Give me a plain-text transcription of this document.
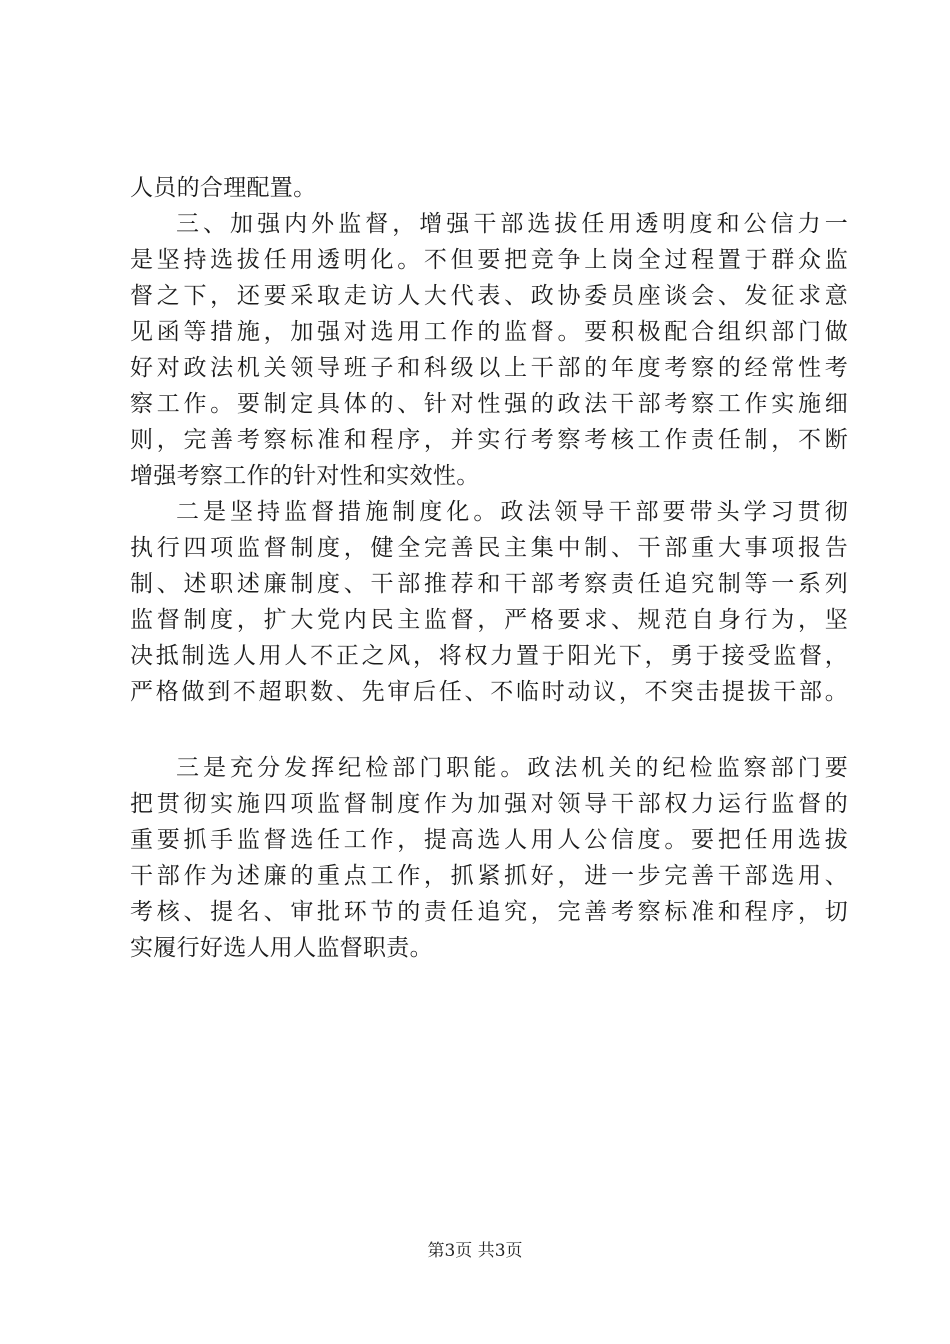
人员的合理配置。
三、加强内外监督，增强干部选拔任用透明度和公信力一
是坚持选拔任用透明化。不但要把竞争上岗全过程置于群众监
督之下，还要采取走访人大代表、政协委员座谈会、发征求意
见函等措施，加强对选用工作的监督。要积极配合组织部门做
好对政法机关领导班子和科级以上干部的年度考察的经常性考
察工作。要制定具体的、针对性强的政法干部考察工作实施细
则，完善考察标准和程序，并实行考察考核工作责任制，不断
增强考察工作的针对性和实效性。
二是坚持监督措施制度化。政法领导干部要带头学习贯彻
执行四项监督制度，健全完善民主集中制、干部重大事项报告
制、述职述廉制度、干部推荐和干部考察责任追究制等一系列
监督制度，扩大党内民主监督，严格要求、规范自身行为，坚
决抵制选人用人不正之风，将权力置于阳光下，勇于接受监督，
严格做到不超职数、先审后任、不临时动议，不突击提拔干部。
三是充分发挥纪检部门职能。政法机关的纪检监察部门要
把贯彻实施四项监督制度作为加强对领导干部权力运行监督的
重要抓手监督选任工作，提高选人用人公信度。要把任用选拔
干部作为述廉的重点工作，抓紧抓好，进一步完善干部选用、
考核、提名、审批环节的责任追究，完善考察标准和程序，切
实履行好选人用人监督职责。
第3页 共3页
